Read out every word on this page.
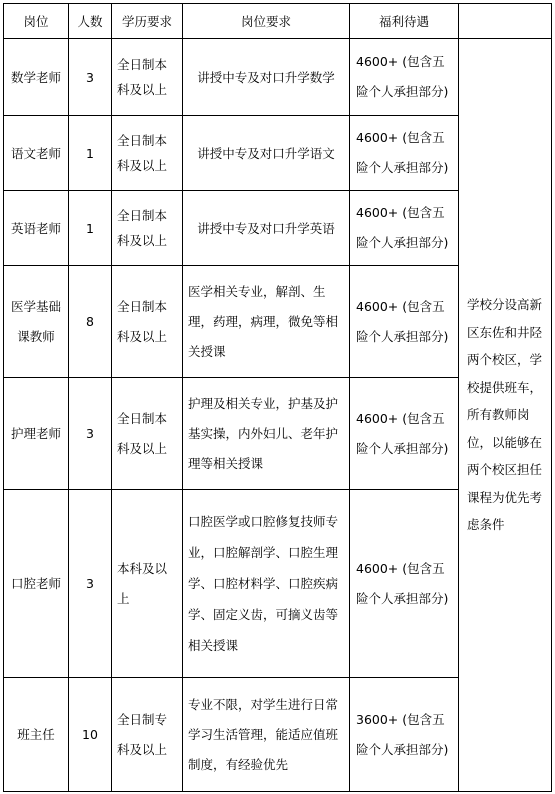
岗位	人数	学历要求	岗位要求	福利待遇	
数学老师	3	全日制本科及以上	讲授中专及对口升学数学	4600+ (包含五险个人承担部分)	学校分设高新区东佐和井陉两个校区，学校提供班车，所有教师岗位，以能够在两个校区担任课程为优先考虑条件
语文老师	1	全日制本科及以上	讲授中专及对口升学语文	4600+ (包含五险个人承担部分)	
英语老师	1	全日制本科及以上	讲授中专及对口升学英语	4600+ (包含五险个人承担部分)	
医学基础课教师	8	全日制本科及以上	医学相关专业，解剖、生理，药理，病理，微免等相关授课	4600+ (包含五险个人承担部分)	
护理老师	3	全日制本科及以上	护理及相关专业，护基及护基实操，内外妇儿、老年护理等相关授课	4600+ (包含五险个人承担部分)	
口腔老师	3	本科及以上	口腔医学或口腔修复技师专业，口腔解剖学、口腔生理学、口腔材料学、口腔疾病学、固定义齿，可摘义齿等相关授课	4600+ (包含五险个人承担部分)	
班主任	10	全日制专科及以上	专业不限，对学生进行日常学习生活管理，能适应值班制度，有经验优先	3600+ (包含五险个人承担部分)	
